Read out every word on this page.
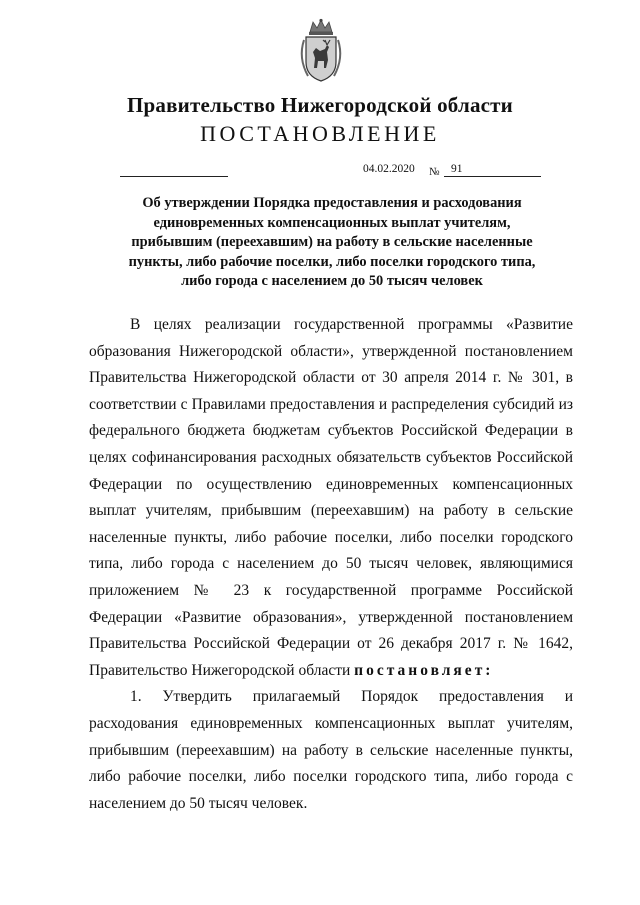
Правительство Нижегородской области
ПОСТАНОВЛЕНИЕ
04.02.2020 № 91
Об утверждении Порядка предоставления и расходования единовременных компенсационных выплат учителям, прибывшим (переехавшим) на работу в сельские населенные пункты, либо рабочие поселки, либо поселки городского типа, либо города с населением до 50 тысяч человек

В целях реализации государственной программы «Развитие образования Нижегородской области», утвержденной постановлением Правительства Нижегородской области от 30 апреля 2014 г. № 301, в соответствии с Правилами предоставления и распределения субсидий из федерального бюджета бюджетам субъектов Российской Федерации в целях софинансирования расходных обязательств субъектов Российской Федерации по осуществлению единовременных компенсационных выплат учителям, прибывшим (переехавшим) на работу в сельские населенные пункты, либо рабочие поселки, либо поселки городского типа, либо города с населением до 50 тысяч человек, являющимися приложением № 23 к государственной программе Российской Федерации «Развитие образования», утвержденной постановлением Правительства Российской Федерации от 26 декабря 2017 г. № 1642, Правительство Нижегородской области постановляет:

1. Утвердить прилагаемый Порядок предоставления и расходования единовременных компенсационных выплат учителям, прибывшим (переехавшим) на работу в сельские населенные пункты, либо рабочие поселки, либо поселки городского типа, либо города с населением до 50 тысяч человек.
